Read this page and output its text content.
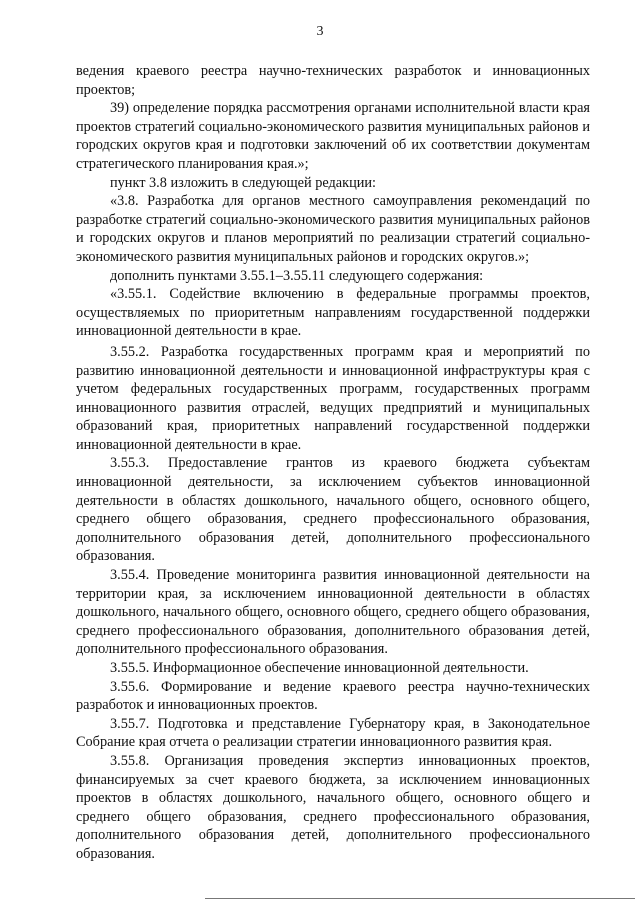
3

ведения краевого реестра научно-технических разработок и инновационных проектов;

39) определение порядка рассмотрения органами исполнительной власти края проектов стратегий социально-экономического развития муниципальных районов и городских округов края и подготовки заключений об их соответствии документам стратегического планирования края.»;

пункт 3.8 изложить в следующей редакции:

«3.8. Разработка для органов местного самоуправления рекомендаций по разработке стратегий социально-экономического развития муниципальных районов и городских округов и планов мероприятий по реализации стратегий социально-экономического развития муниципальных районов и городских округов.»;

дополнить пунктами 3.55.1–3.55.11 следующего содержания:

«3.55.1. Содействие включению в федеральные программы проектов, осуществляемых по приоритетным направлениям государственной поддержки инновационной деятельности в крае.

3.55.2. Разработка государственных программ края и мероприятий по развитию инновационной деятельности и инновационной инфраструктуры края с учетом федеральных государственных программ, государственных программ инновационного развития отраслей, ведущих предприятий и муниципальных образований края, приоритетных направлений государственной поддержки инновационной деятельности в крае.

3.55.3. Предоставление грантов из краевого бюджета субъектам инновационной деятельности, за исключением субъектов инновационной деятельности в областях дошкольного, начального общего, основного общего, среднего общего образования, среднего профессионального образования, дополнительного образования детей, дополнительного профессионального образования.

3.55.4. Проведение мониторинга развития инновационной деятельности на территории края, за исключением инновационной деятельности в областях дошкольного, начального общего, основного общего, среднего общего образования, среднего профессионального образования, дополнительного образования детей, дополнительного профессионального образования.

3.55.5. Информационное обеспечение инновационной деятельности.

3.55.6. Формирование и ведение краевого реестра научно-технических разработок и инновационных проектов.

3.55.7. Подготовка и представление Губернатору края, в Законодательное Собрание края отчета о реализации стратегии инновационного развития края.

3.55.8. Организация проведения экспертиз инновационных проектов, финансируемых за счет краевого бюджета, за исключением инновационных проектов в областях дошкольного, начального общего, основного общего и среднего общего образования, среднего профессионального образования, дополнительного образования детей, дополнительного профессионального образования.
